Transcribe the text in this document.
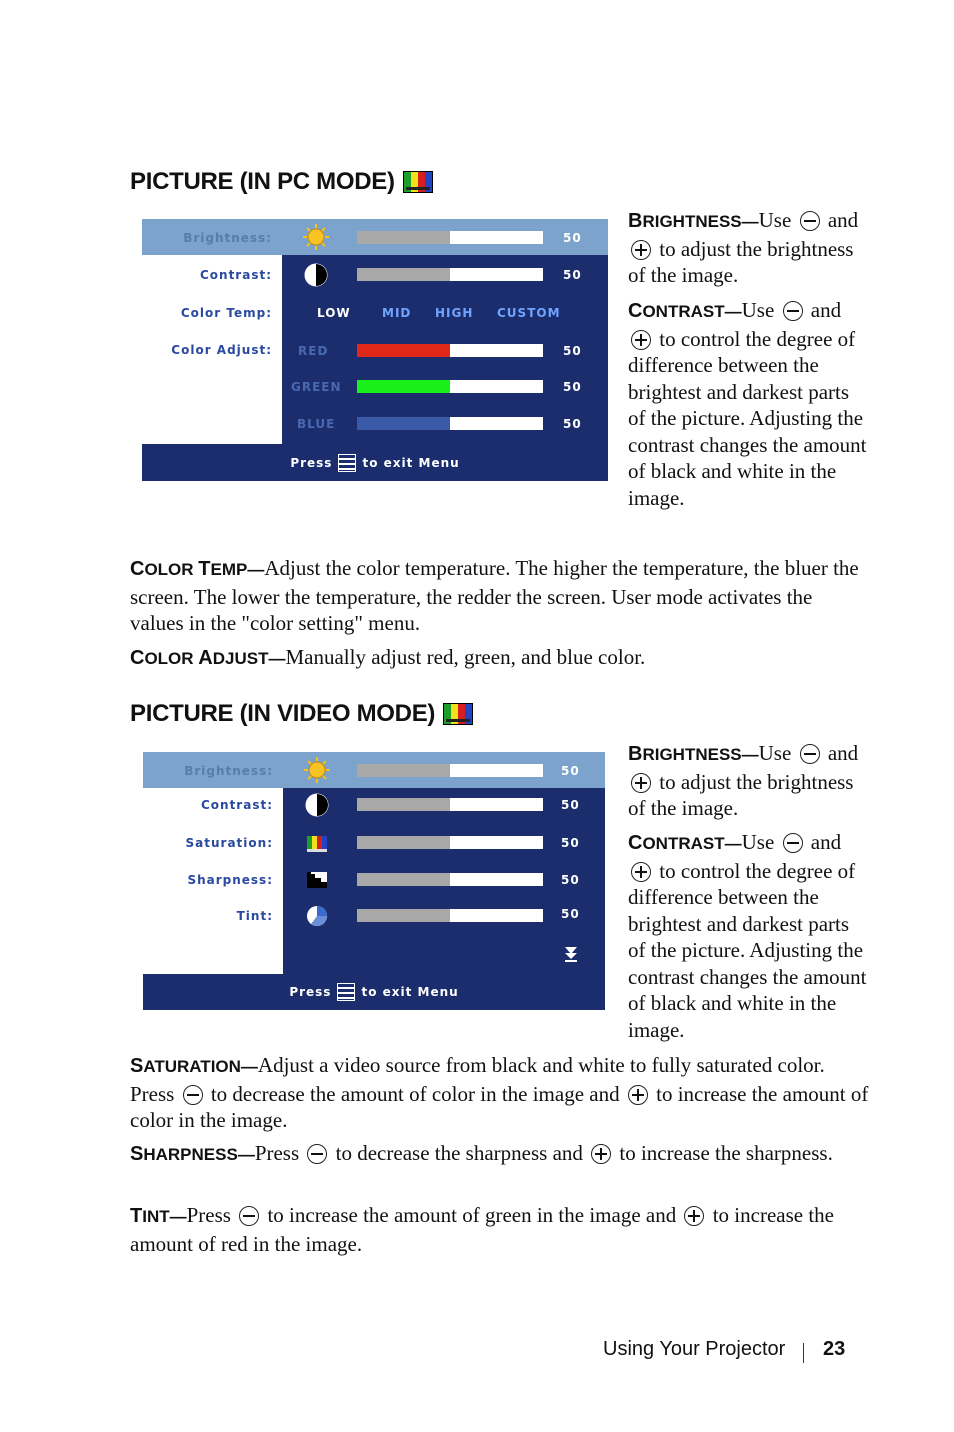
PICTURE (IN PC MODE)
Brightness:	50
Contrast:	50
Color Temp:	LOW	MID HIGH CUSTOM
Color Adjust: RED	50
GREEN	50
BLUE	50
Press	to exit Menu
BRIGHTNESS—Use and
to adjust the brightness of the image.
CONTRAST—Use and
to control the degree of difference between the brightest and darkest parts of the picture. Adjusting the contrast changes the amount of black and white in the image.
COLOR TEMP—Adjust the color temperature. The higher the temperature, the bluer the screen. The lower the temperature, the redder the screen. User mode activates the values in the "color setting" menu.
COLOR ADJUST—Manually adjust red, green, and blue color.
PICTURE (IN VIDEO MODE)
Brightness:	50
Contrast:	50
Saturation:	50
Sharpness:	50
Tint:	50
Press	to exit Menu
BRIGHTNESS—Use and
to adjust the brightness of the image.
CONTRAST—Use and
to control the degree of difference between the brightest and darkest parts of the picture. Adjusting the contrast changes the amount of black and white in the image.
SATURATION—Adjust a video source from black and white to fully saturated color. Press to decrease the amount of color in the image and to increase the amount of color in the image.
SHARPNESS—Press to decrease the sharpness and to increase the sharpness.
TINT—Press to increase the amount of green in the image and to increase the amount of red in the image.
Using Your Projector 23
